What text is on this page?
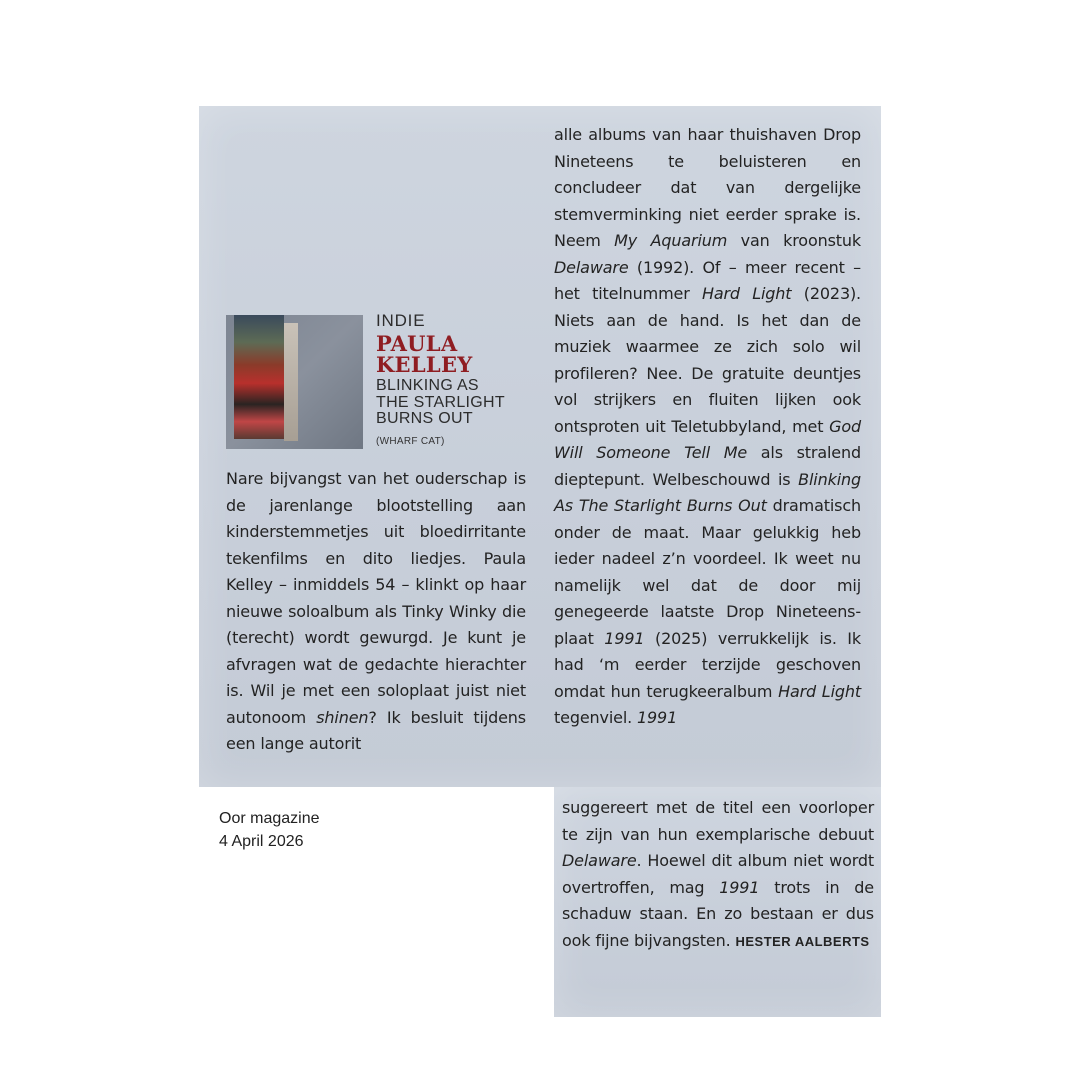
INDIE
PAULA
KELLEY
BLINKING AS
THE STARLIGHT
BURNS OUT
(WHARF CAT)

Nare bijvangst van het ouderschap is de jarenlange blootstelling aan kinderstemmetjes uit bloedirritante tekenfilms en dito liedjes. Paula Kelley – inmiddels 54 – klinkt op haar nieuwe soloalbum als Tinky Winky die (terecht) wordt gewurgd. Je kunt je afvragen wat de gedachte hierachter is. Wil je met een soloplaat juist niet autonoom shinen? Ik besluit tijdens een lange autorit

alle albums van haar thuishaven Drop Nineteens te beluisteren en concludeer dat van dergelijke stemverminking niet eerder sprake is. Neem My Aquarium van kroonstuk Delaware (1992). Of – meer recent – het titelnummer Hard Light (2023). Niets aan de hand. Is het dan de muziek waarmee ze zich solo wil profileren? Nee. De gratuite deuntjes vol strijkers en fluiten lijken ook ontsproten uit Teletubbyland, met God Will Someone Tell Me als stralend dieptepunt. Welbeschouwd is Blinking As The Starlight Burns Out dramatisch onder de maat. Maar gelukkig heb ieder nadeel z’n voordeel. Ik weet nu namelijk wel dat de door mij genegeerde laatste Drop Nineteens-plaat 1991 (2025) verrukkelijk is. Ik had ‘m eerder terzijde geschoven omdat hun terugkeeralbum Hard Light tegenviel. 1991

suggereert met de titel een voorloper te zijn van hun exemplarische debuut Delaware. Hoewel dit album niet wordt overtroffen, mag 1991 trots in de schaduw staan. En zo bestaan er dus ook fijne bijvangsten. HESTER AALBERTS

Oor magazine
4 April 2026
